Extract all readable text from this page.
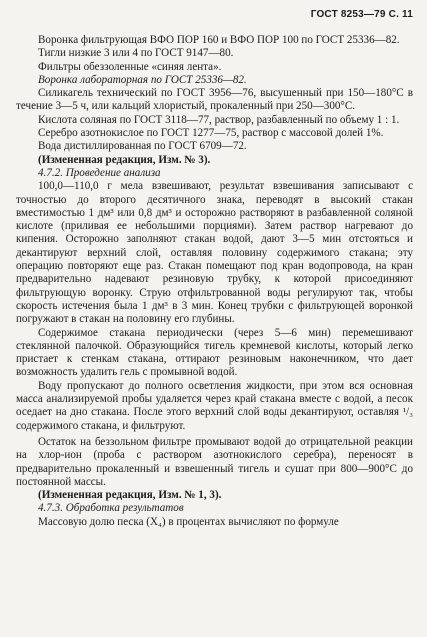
ГОСТ 8253—79 С. 11

Воронка фильтрующая ВФО ПОР 160 и ВФО ПОР 100 по ГОСТ 25336—82.

Тигли низкие 3 или 4 по ГОСТ 9147—80.

Фильтры обеззоленные «синяя лента».

Воронка лабораторная по ГОСТ 25336—82.

Силикагель технический по ГОСТ 3956—76, высушенный при 150—180°С в течение 3—5 ч, или кальций хлористый, прокаленный при 250—300°С.

Кислота соляная по ГОСТ 3118—77, раствор, разбавленный по объему 1 : 1.

Серебро азотнокислое по ГОСТ 1277—75, раствор с массовой долей 1%.

Вода дистиллированная по ГОСТ 6709—72.

(Измененная редакция, Изм. № 3).

4.7.2. Проведение анализа

100,0—110,0 г мела взвешивают, результат взвешивания записывают с точностью до второго десятичного знака, переводят в высокий стакан вместимостью 1 дм³ или 0,8 дм³ и осторожно растворяют в разбавленной соляной кислоте (приливая ее небольшими порциями). Затем раствор нагревают до кипения. Осторожно заполняют стакан водой, дают 3—5 мин отстояться и декантируют верхний слой, оставляя половину содержимого стакана; эту операцию повторяют еще раз. Стакан помещают под кран водопровода, на кран предварительно надевают резиновую трубку, к которой присоединяют фильтрующую воронку. Струю отфильтрованной воды регулируют так, чтобы скорость истечения была 1 дм³ в 3 мин. Конец трубки с фильтрующей воронкой погружают в стакан на половину его глубины.

Содержимое стакана периодически (через 5—6 мин) перемешивают стеклянной палочкой. Образующийся тигель кремневой кислоты, который легко пристает к стенкам стакана, оттирают резиновым наконечником, что дает возможность удалить гель с промывной водой.

Воду пропускают до полного осветления жидкости, при этом вся основная масса анализируемой пробы удаляется через край стакана вместе с водой, а песок оседает на дно стакана. После этого верхний слой воды декантируют, оставляя ¹/₃ содержимого стакана, и фильтруют.

Остаток на беззольном фильтре промывают водой до отрицательной реакции на хлор-ион (проба с раствором азотнокислого серебра), переносят в предварительно прокаленный и взвешенный тигель и сушат при 800—900°С до постоянной массы.

(Измененная редакция, Изм. № 1, 3).

4.7.3. Обработка результатов

Массовую долю песка (X₄) в процентах вычисляют по формуле
